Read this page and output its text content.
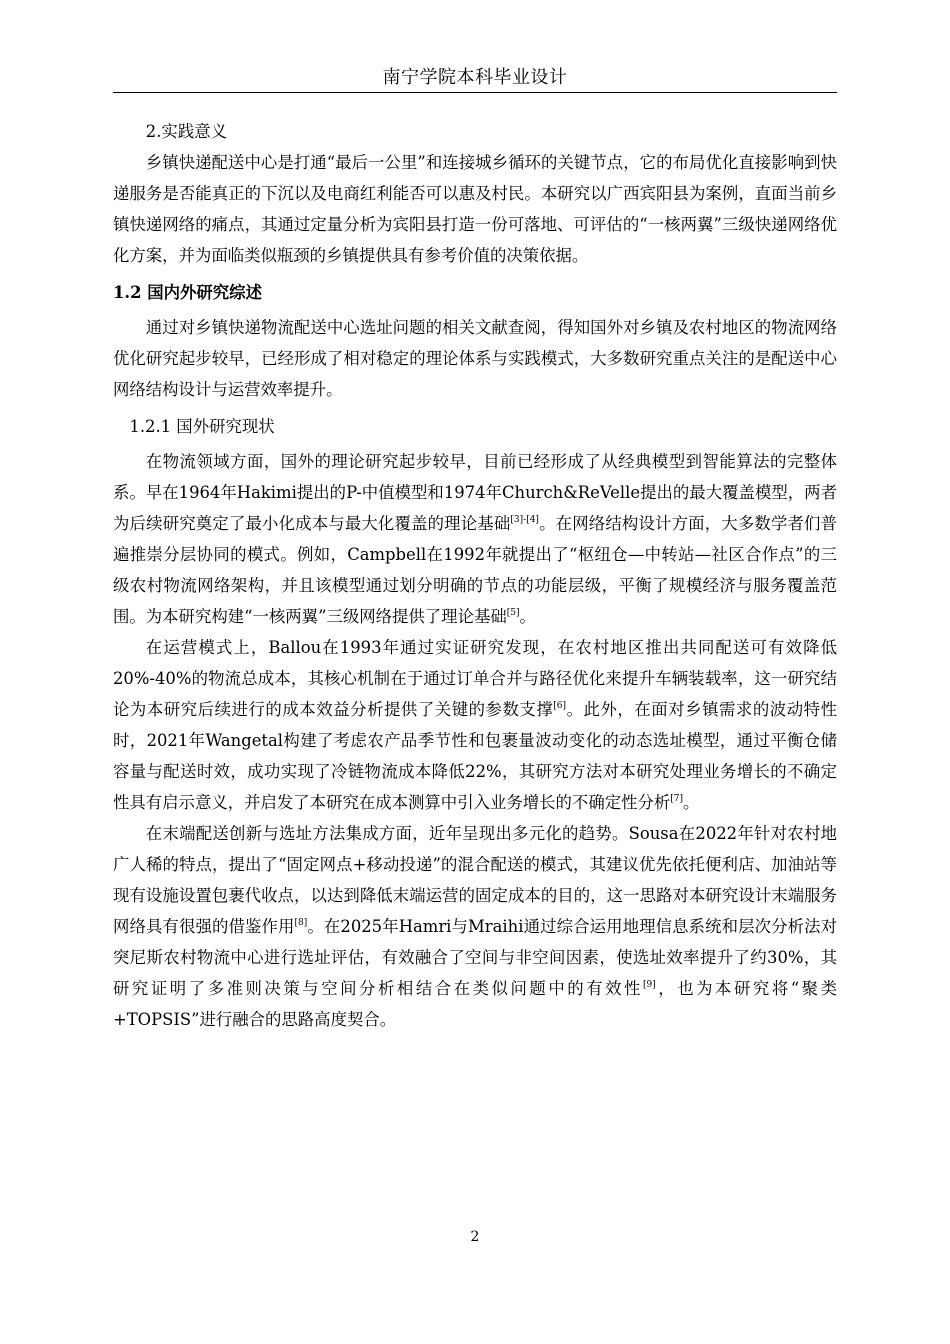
南宁学院本科毕业设计
2.实践意义

乡镇快递配送中心是打通“最后一公里”和连接城乡循环的关键节点，它的布局优化直接影响到快递服务是否能真正的下沉以及电商红利能否可以惠及村民。本研究以广西宾阳县为案例，直面当前乡镇快递网络的痛点，其通过定量分析为宾阳县打造一份可落地、可评估的“一核两翼”三级快递网络优化方案，并为面临类似瓶颈的乡镇提供具有参考价值的决策依据。

1.2 国内外研究综述

通过对乡镇快递物流配送中心选址问题的相关文献查阅，得知国外对乡镇及农村地区的物流网络优化研究起步较早，已经形成了相对稳定的理论体系与实践模式，大多数研究重点关注的是配送中心网络结构设计与运营效率提升。

1.2.1 国外研究现状

在物流领域方面，国外的理论研究起步较早，目前已经形成了从经典模型到智能算法的完整体系。早在1964年Hakimi提出的P-中值模型和1974年Church&ReVelle提出的最大覆盖模型，两者为后续研究奠定了最小化成本与最大化覆盖的理论基础[3]-[4]。在网络结构设计方面，大多数学者们普遍推崇分层协同的模式。例如，Campbell在1992年就提出了“枢纽仓—中转站—社区合作点”的三级农村物流网络架构，并且该模型通过划分明确的节点的功能层级，平衡了规模经济与服务覆盖范围。为本研究构建“一核两翼”三级网络提供了理论基础[5]。

在运营模式上，Ballou在1993年通过实证研究发现，在农村地区推出共同配送可有效降低20%-40%的物流总成本，其核心机制在于通过订单合并与路径优化来提升车辆装载率，这一研究结论为本研究后续进行的成本效益分析提供了关键的参数支撑[6]。此外，在面对乡镇需求的波动特性时，2021年Wangetal构建了考虑农产品季节性和包裹量波动变化的动态选址模型，通过平衡仓储容量与配送时效，成功实现了冷链物流成本降低22%，其研究方法对本研究处理业务增长的不确定性具有启示意义，并启发了本研究在成本测算中引入业务增长的不确定性分析[7]。

在末端配送创新与选址方法集成方面，近年呈现出多元化的趋势。Sousa在2022年针对农村地广人稀的特点，提出了“固定网点+移动投递”的混合配送的模式，其建议优先依托便利店、加油站等现有设施设置包裹代收点，以达到降低末端运营的固定成本的目的，这一思路对本研究设计末端服务网络具有很强的借鉴作用[8]。在2025年Hamri与Mraihi通过综合运用地理信息系统和层次分析法对突尼斯农村物流中心进行选址评估，有效融合了空间与非空间因素，使选址效率提升了约30%，其研究证明了多准则决策与空间分析相结合在类似问题中的有效性[9]，也为本研究将“聚类+TOPSIS”进行融合的思路高度契合。

2
